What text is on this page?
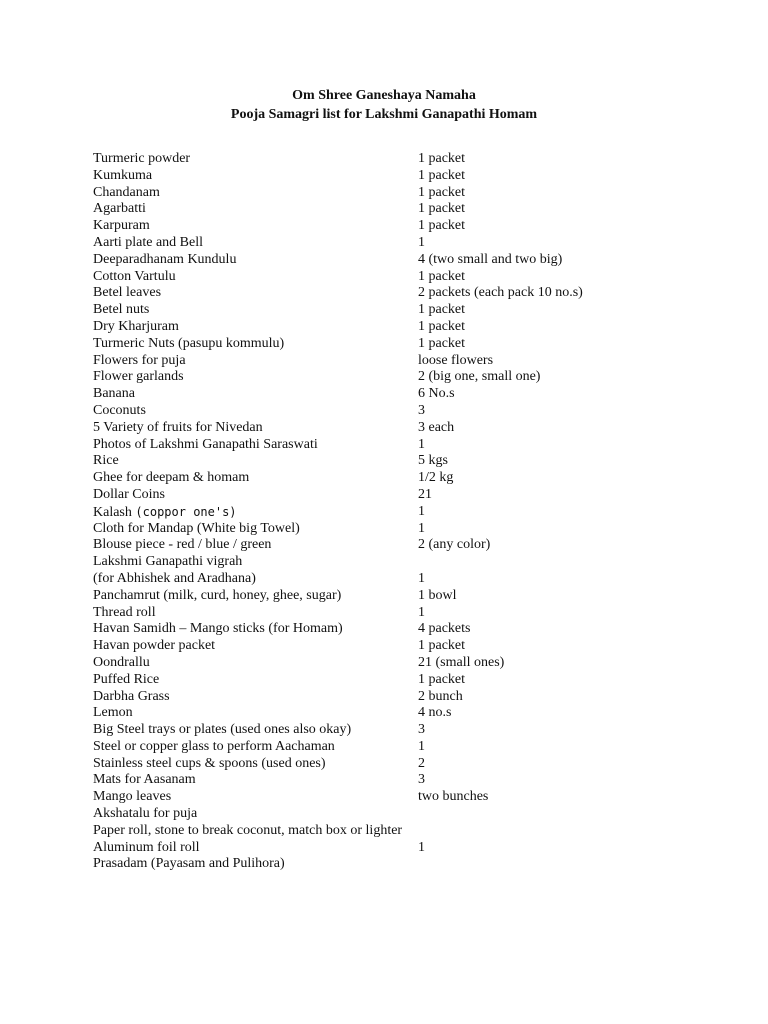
Om Shree Ganeshaya Namaha
Pooja Samagri list for Lakshmi Ganapathi Homam
Turmeric powder	1 packet
Kumkuma	1 packet
Chandanam	1 packet
Agarbatti	1 packet
Karpuram	1 packet
Aarti plate and Bell	1
Deeparadhanam Kundulu	4 (two small and two big)
Cotton Vartulu	1 packet
Betel leaves	2 packets (each pack 10 no.s)
Betel nuts	1 packet
Dry Kharjuram	1 packet
Turmeric Nuts (pasupu kommulu)	1 packet
Flowers for puja	loose flowers
Flower garlands	2 (big one, small one)
Banana	6 No.s
Coconuts	3
5 Variety of fruits for Nivedan	3 each
Photos of Lakshmi Ganapathi Saraswati	1
Rice	5 kgs
Ghee for deepam & homam	1/2 kg
Dollar Coins	21
Kalash (coppor one's)	1
Cloth for Mandap (White big Towel)	1
Blouse piece - red / blue / green	2 (any color)
Lakshmi Ganapathi vigrah
(for Abhishek and Aradhana)	1
Panchamrut (milk, curd, honey, ghee, sugar)	1 bowl
Thread roll	1
Havan Samidh – Mango sticks (for Homam)	4 packets
Havan powder packet	1 packet
Oondrallu	21 (small ones)
Puffed Rice	1 packet
Darbha Grass	2 bunch
Lemon	4 no.s
Big Steel trays or plates (used ones also okay)	3
Steel or copper glass to perform Aachaman	1
Stainless steel cups & spoons (used ones)	2
Mats for Aasanam	3
Mango leaves	two bunches
Akshatalu for puja
Paper roll, stone to break coconut, match box or lighter
Aluminum foil roll	1
Prasadam (Payasam and Pulihora)
